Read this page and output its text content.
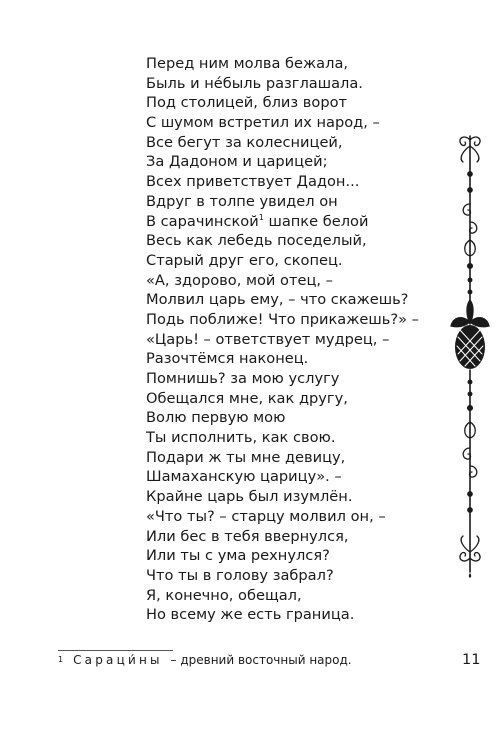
Перед ним молва бежала,
Быль и нéбыль разглашала.
Под столицей, близ ворот
С шумом встретил их народ, –
Все бегут за колесницей,
За Дадоном и царицей;
Всех приветствует Дадон...
Вдруг в толпе увидел он
В сарачинской$^1$ шапке белой
Весь как лебедь поседелый,
Старый друг его, скопец.
«А, здорово, мой отец, –
Молвил царь ему, – что скажешь?
Подь поближе! Что прикажешь?» –
«Царь! – ответствует мудрец, –
Разочтёмся наконец.
Помнишь? за мою услугу
Обещался мне, как другу,
Волю первую мою
Ты исполнить, как свою.
Подари ж ты мне девицу,
Шамаханскую царицу». –
Крайне царь был изумлён.
«Что ты? – старцу молвил он, –
Или бес в тебя ввернулся,
Или ты с ума рехнулся?
Что ты в голову забрал?
Я, конечно, обещал,
Но всему же есть граница.
$^1$ Сараци́ны – древний восточный народ.	11
